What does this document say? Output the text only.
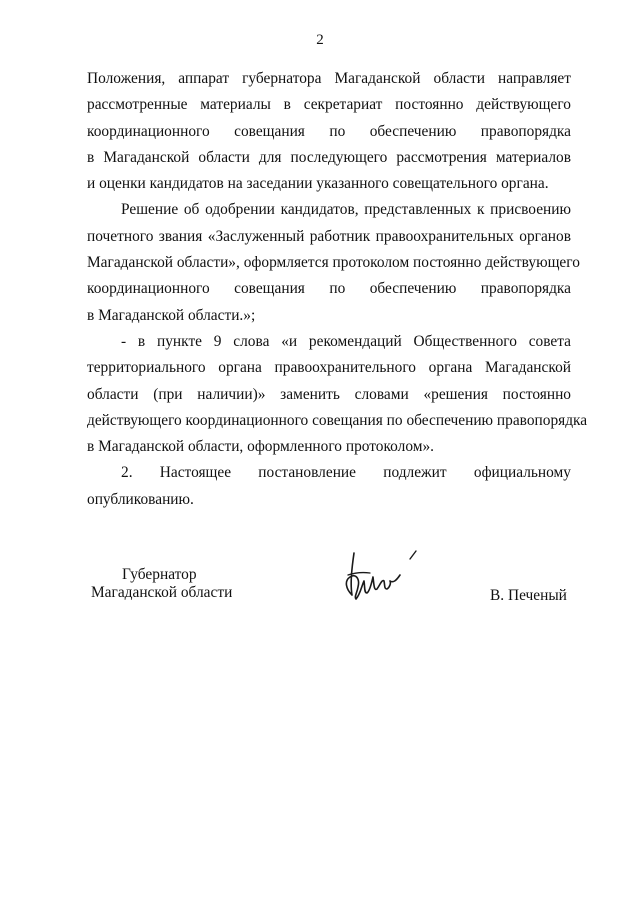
2
Положения, аппарат губернатора Магаданской области направляет
рассмотренные материалы в секретариат постоянно действующего
координационного совещания по обеспечению правопорядка
в Магаданской области для последующего рассмотрения материалов
и оценки кандидатов на заседании указанного совещательного органа.
Решение об одобрении кандидатов, представленных к присвоению
почетного звания «Заслуженный работник правоохранительных органов
Магаданской области», оформляется протоколом постоянно действующего
координационного совещания по обеспечению правопорядка
в Магаданской области.»;
- в пункте 9 слова «и рекомендаций Общественного совета
территориального органа правоохранительного органа Магаданской
области (при наличии)» заменить словами «решения постоянно
действующего координационного совещания по обеспечению правопорядка
в Магаданской области, оформленного протоколом».
2. Настоящее постановление подлежит официальному
опубликованию.
Губернатор
Магаданской области	В. Печеный
